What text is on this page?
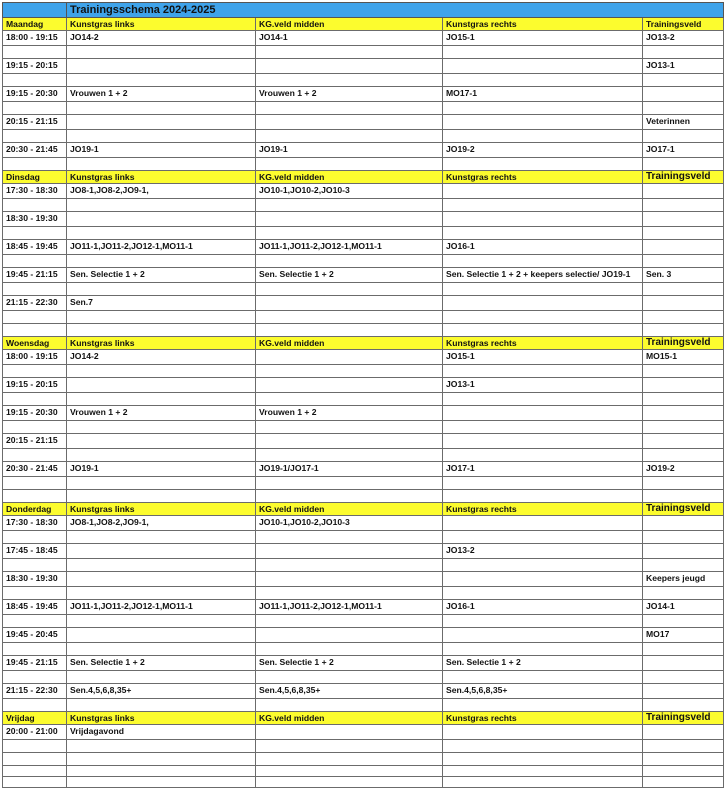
	Trainingsschema 2024-2025			
Maandag	Kunstgras links	KG.veld midden	Kunstgras rechts	Trainingsveld
18:00 - 19:15	JO14-2	JO14-1	JO15-1	JO13-2

19:15 - 20:15				JO13-1

19:15 - 20:30	Vrouwen 1 + 2	Vrouwen 1 + 2	MO17-1	

20:15 - 21:15				Veterinnen

20:30 - 21:45	JO19-1	JO19-1	JO19-2	JO17-1

Dinsdag	Kunstgras links	KG.veld midden	Kunstgras rechts	Trainingsveld
17:30 - 18:30	JO8-1,JO8-2,JO9-1,	JO10-1,JO10-2,JO10-3		

18:30 - 19:30				

18:45 - 19:45	JO11-1,JO11-2,JO12-1,MO11-1	JO11-1,JO11-2,JO12-1,MO11-1	JO16-1	

19:45 - 21:15	Sen. Selectie 1 + 2	Sen. Selectie 1 + 2	Sen. Selectie 1 + 2 + keepers selectie/ JO19-1	Sen. 3

21:15 - 22:30	Sen.7			

Woensdag	Kunstgras links	KG.veld midden	Kunstgras rechts	Trainingsveld
18:00 - 19:15	JO14-2		JO15-1	MO15-1

19:15 - 20:15			JO13-1	

19:15 - 20:30	Vrouwen 1 + 2	Vrouwen 1 + 2		

20:15 - 21:15				

20:30 - 21:45	JO19-1	JO19-1/JO17-1	JO17-1	JO19-2

Donderdag	Kunstgras links	KG.veld midden	Kunstgras rechts	Trainingsveld
17:30 - 18:30	JO8-1,JO8-2,JO9-1,	JO10-1,JO10-2,JO10-3		

17:45 - 18:45			JO13-2	

18:30 - 19:30				Keepers jeugd

18:45 - 19:45	JO11-1,JO11-2,JO12-1,MO11-1	JO11-1,JO11-2,JO12-1,MO11-1	JO16-1	JO14-1

19:45 - 20:45				MO17

19:45 - 21:15	Sen. Selectie 1 + 2	Sen. Selectie 1 + 2	Sen. Selectie 1 + 2	

21:15 - 22:30	Sen.4,5,6,8,35+	Sen.4,5,6,8,35+	Sen.4,5,6,8,35+	

Vrijdag	Kunstgras links	KG.veld midden	Kunstgras rechts	Trainingsveld
20:00 - 21:00	Vrijdagavond			
